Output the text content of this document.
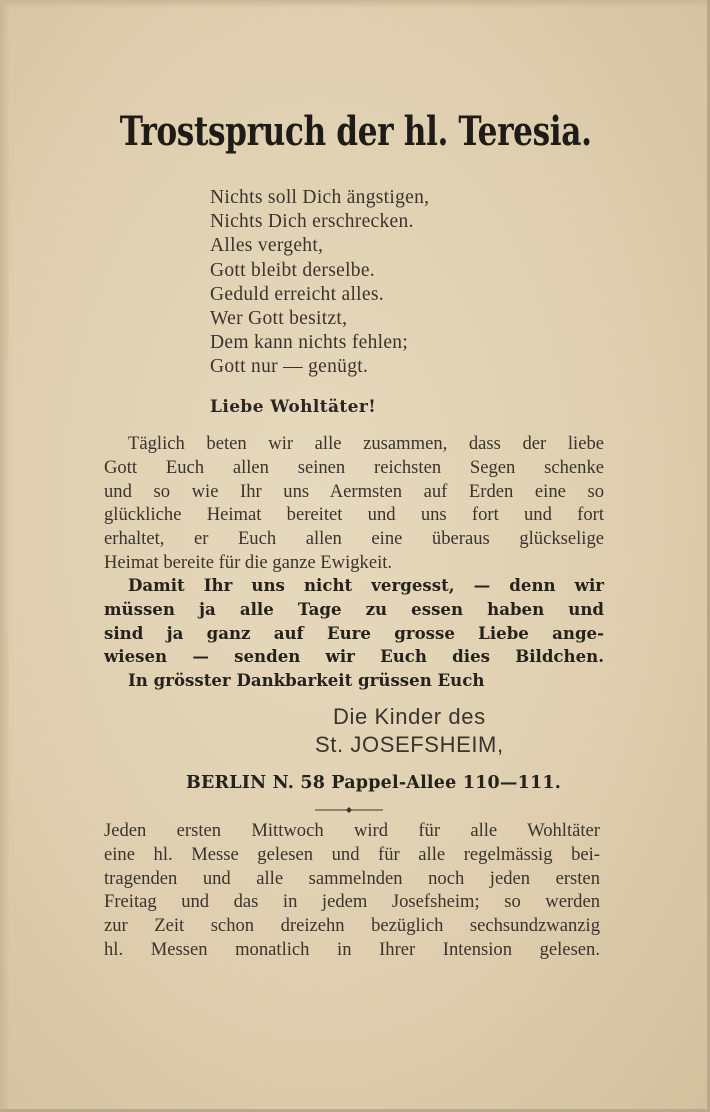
Trostspruch der hl. Teresia.
Nichts soll Dich ängstigen,
Nichts Dich erschrecken.
Alles vergeht,
Gott bleibt derselbe.
Geduld erreicht alles.
Wer Gott besitzt,
Dem kann nichts fehlen;
Gott nur — genügt.
Liebe Wohltäter!
Täglich beten wir alle zusammen, dass der liebe
Gott Euch allen seinen reichsten Segen schenke
und so wie Ihr uns Aermsten auf Erden eine so
glückliche Heimat bereitet und uns fort und fort
erhaltet, er Euch allen eine überaus glückselige
Heimat bereite für die ganze Ewigkeit.
Damit Ihr uns nicht vergesst, — denn wir
müssen ja alle Tage zu essen haben und
sind ja ganz auf Eure grosse Liebe ange-
wiesen — senden wir Euch dies Bildchen.
In grösster Dankbarkeit grüssen Euch
Die Kinder des
St. JOSEFSHEIM,
BERLIN N. 58 Pappel-Allee 110—111.
Jeden ersten Mittwoch wird für alle Wohltäter
eine hl. Messe gelesen und für alle regelmässig bei-
tragenden und alle sammelnden noch jeden ersten
Freitag und das in jedem Josefsheim; so werden
zur Zeit schon dreizehn bezüglich sechsundzwanzig
hl. Messen monatlich in Ihrer Intension gelesen.
